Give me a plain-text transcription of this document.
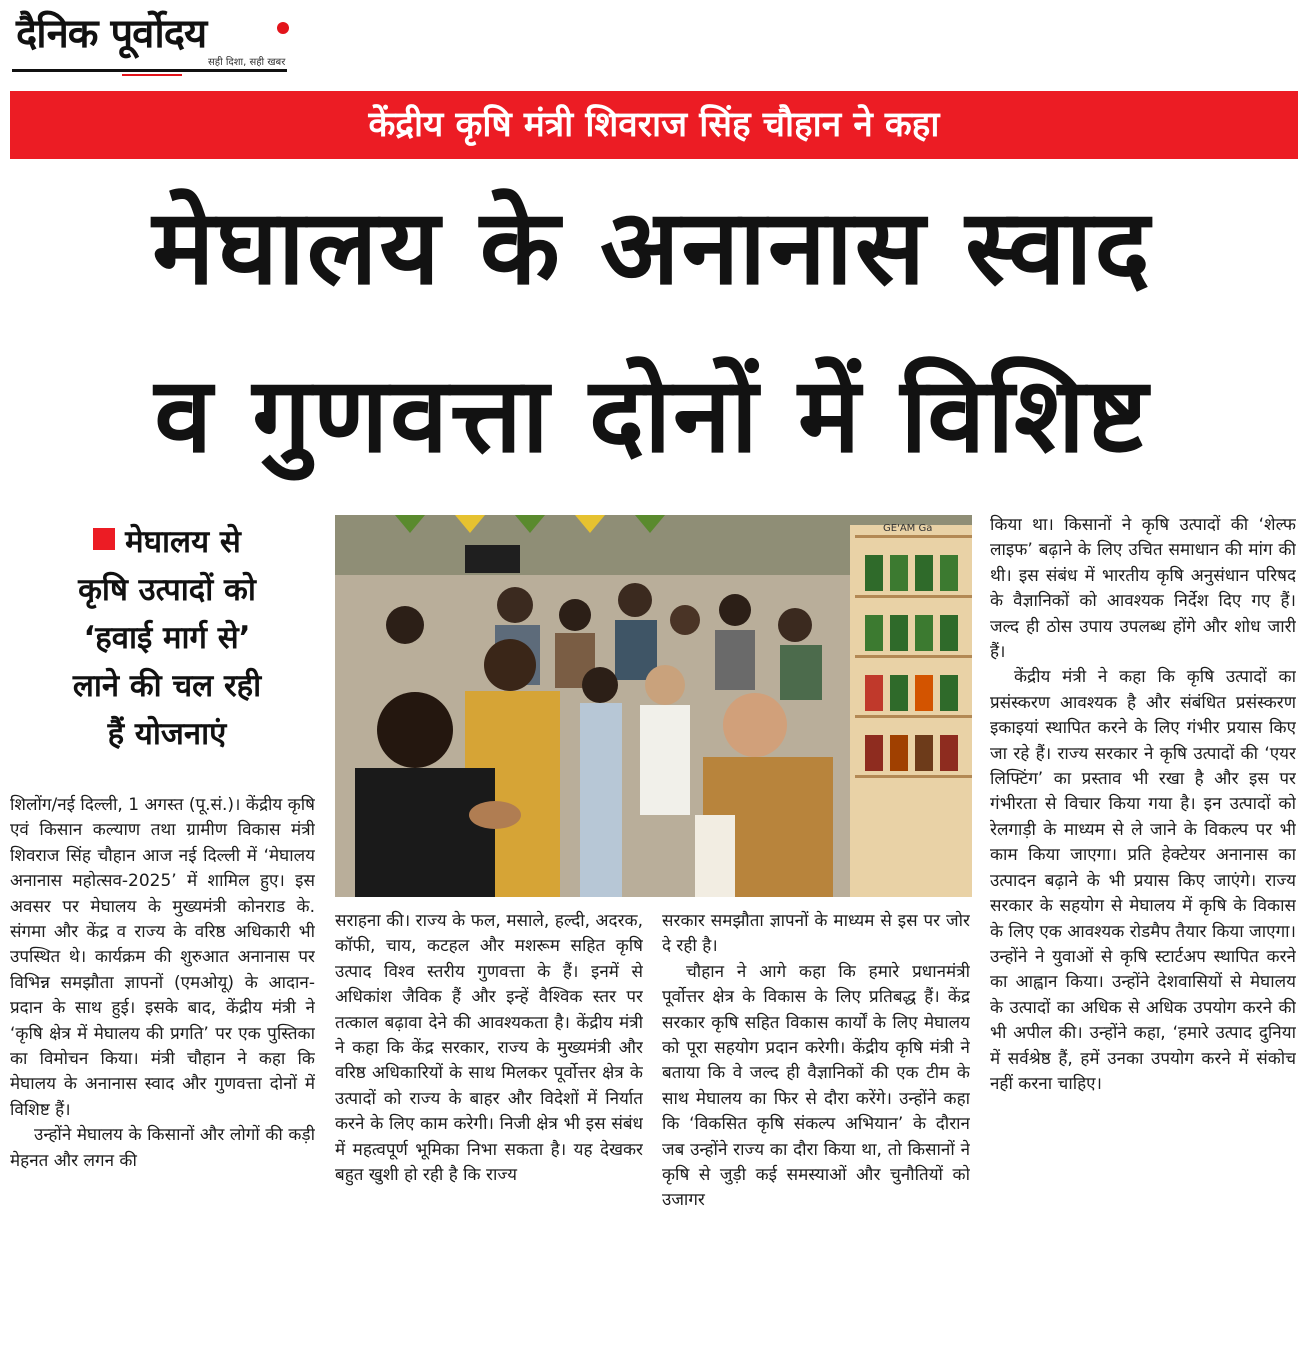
दैनिक पूर्वोदय
सही दिशा, सही खबर
केंद्रीय कृषि मंत्री शिवराज सिंह चौहान ने कहा
मेघालय के अनानास स्वाद
व गुणवत्ता दोनों में विशिष्ट
मेघालय से
कृषि उत्पादों को
‘हवाई मार्ग से’
लाने की चल रही
हैं योजनाएं

शिलोंग/नई दिल्ली, 1 अगस्त (पू.सं.)। केंद्रीय कृषि एवं किसान कल्याण तथा ग्रामीण विकास मंत्री शिवराज सिंह चौहान आज नई दिल्ली में ‘मेघालय अनानास महोत्सव-2025’ में शामिल हुए। इस अवसर पर मेघालय के मुख्यमंत्री कोनराड के. संगमा और केंद्र व राज्य के वरिष्ठ अधिकारी भी उपस्थित थे। कार्यक्रम की शुरुआत अनानास पर विभिन्न समझौता ज्ञापनों (एमओयू) के आदान-प्रदान के साथ हुई। इसके बाद, केंद्रीय मंत्री ने ‘कृषि क्षेत्र में मेघालय की प्रगति’ पर एक पुस्तिका का विमोचन किया। मंत्री चौहान ने कहा कि मेघालय के अनानास स्वाद और गुणवत्ता दोनों में विशिष्ट हैं।

उन्होंने मेघालय के किसानों और लोगों की कड़ी मेहनत और लगन की

GE'AM Ga

सराहना की। राज्य के फल, मसाले, हल्दी, अदरक, कॉफी, चाय, कटहल और मशरूम सहित कृषि उत्पाद विश्व स्तरीय गुणवत्ता के हैं। इनमें से अधिकांश जैविक हैं और इन्हें वैश्विक स्तर पर तत्काल बढ़ावा देने की आवश्यकता है। केंद्रीय मंत्री ने कहा कि केंद्र सरकार, राज्य के मुख्यमंत्री और वरिष्ठ अधिकारियों के साथ मिलकर पूर्वोत्तर क्षेत्र के उत्पादों को राज्य के बाहर और विदेशों में निर्यात करने के लिए काम करेगी। निजी क्षेत्र भी इस संबंध में महत्वपूर्ण भूमिका निभा सकता है। यह देखकर बहुत खुशी हो रही है कि राज्य

सरकार समझौता ज्ञापनों के माध्यम से इस पर जोर दे रही है।

चौहान ने आगे कहा कि हमारे प्रधानमंत्री पूर्वोत्तर क्षेत्र के विकास के लिए प्रतिबद्ध हैं। केंद्र सरकार कृषि सहित विकास कार्यों के लिए मेघालय को पूरा सहयोग प्रदान करेगी। केंद्रीय कृषि मंत्री ने बताया कि वे जल्द ही वैज्ञानिकों की एक टीम के साथ मेघालय का फिर से दौरा करेंगे। उन्होंने कहा कि ‘विकसित कृषि संकल्प अभियान’ के दौरान जब उन्होंने राज्य का दौरा किया था, तो किसानों ने कृषि से जुड़ी कई समस्याओं और चुनौतियों को उजागर

किया था। किसानों ने कृषि उत्पादों की ‘शेल्फ लाइफ’ बढ़ाने के लिए उचित समाधान की मांग की थी। इस संबंध में भारतीय कृषि अनुसंधान परिषद के वैज्ञानिकों को आवश्यक निर्देश दिए गए हैं। जल्द ही ठोस उपाय उपलब्ध होंगे और शोध जारी हैं।

केंद्रीय मंत्री ने कहा कि कृषि उत्पादों का प्रसंस्करण आवश्यक है और संबंधित प्रसंस्करण इकाइयां स्थापित करने के लिए गंभीर प्रयास किए जा रहे हैं। राज्य सरकार ने कृषि उत्पादों की ‘एयर लिफ्टिंग’ का प्रस्ताव भी रखा है और इस पर गंभीरता से विचार किया गया है। इन उत्पादों को रेलगाड़ी के माध्यम से ले जाने के विकल्प पर भी काम किया जाएगा। प्रति हेक्टेयर अनानास का उत्पादन बढ़ाने के भी प्रयास किए जाएंगे। राज्य सरकार के सहयोग से मेघालय में कृषि के विकास के लिए एक आवश्यक रोडमैप तैयार किया जाएगा। उन्होंने ने युवाओं से कृषि स्टार्टअप स्थापित करने का आह्वान किया। उन्होंने देशवासियों से मेघालय के उत्पादों का अधिक से अधिक उपयोग करने की भी अपील की। उन्होंने कहा, ‘हमारे उत्पाद दुनिया में सर्वश्रेष्ठ हैं, हमें उनका उपयोग करने में संकोच नहीं करना चाहिए।
